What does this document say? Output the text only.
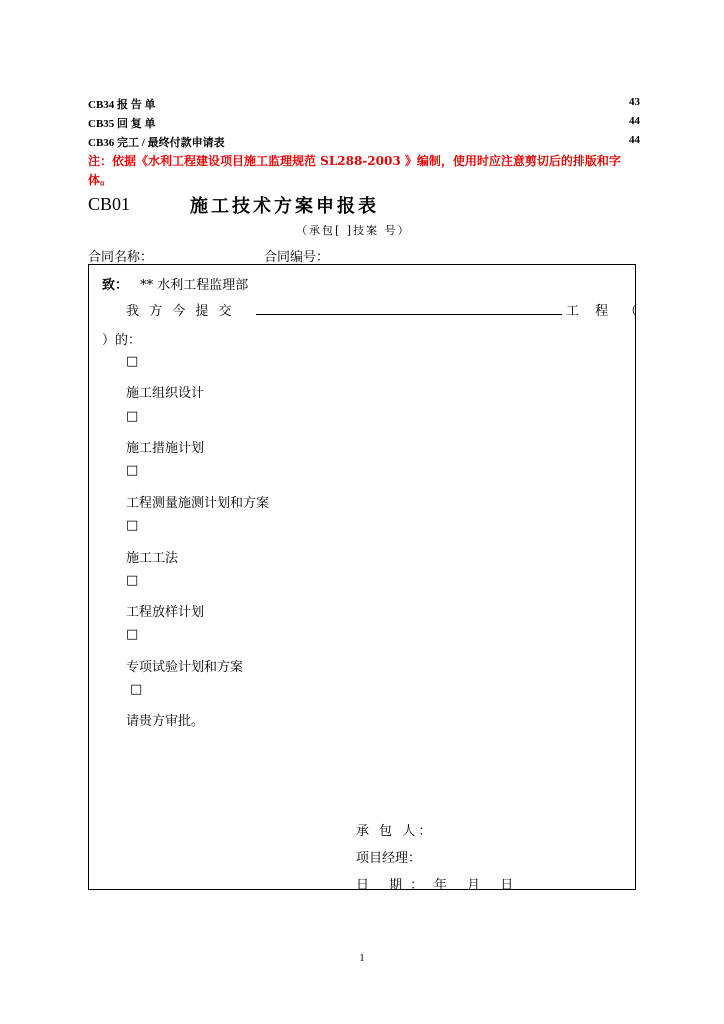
CB34 报 告 单	43
CB35 回 复 单	44
CB36 完工 / 最终付款申请表	44
注：依据《水利工程建设项目施工监理规范 SL288-2003 》编制，使用时应注意剪切后的排版和字体。
CB01	施工技术方案申报表
（承包[ ]技案 号）
合同名称：	合同编号：
致： ** 水利工程监理部
我 方 今 提 交	工 程 （
）的：
□
施工组织设计
□
施工措施计划
□
工程测量施测计划和方案
□
施工工法
□
工程放样计划
□
专项试验计划和方案
□
请贵方审批。
承 包 人：
项目经理：
日 期： 年 月 日
1
